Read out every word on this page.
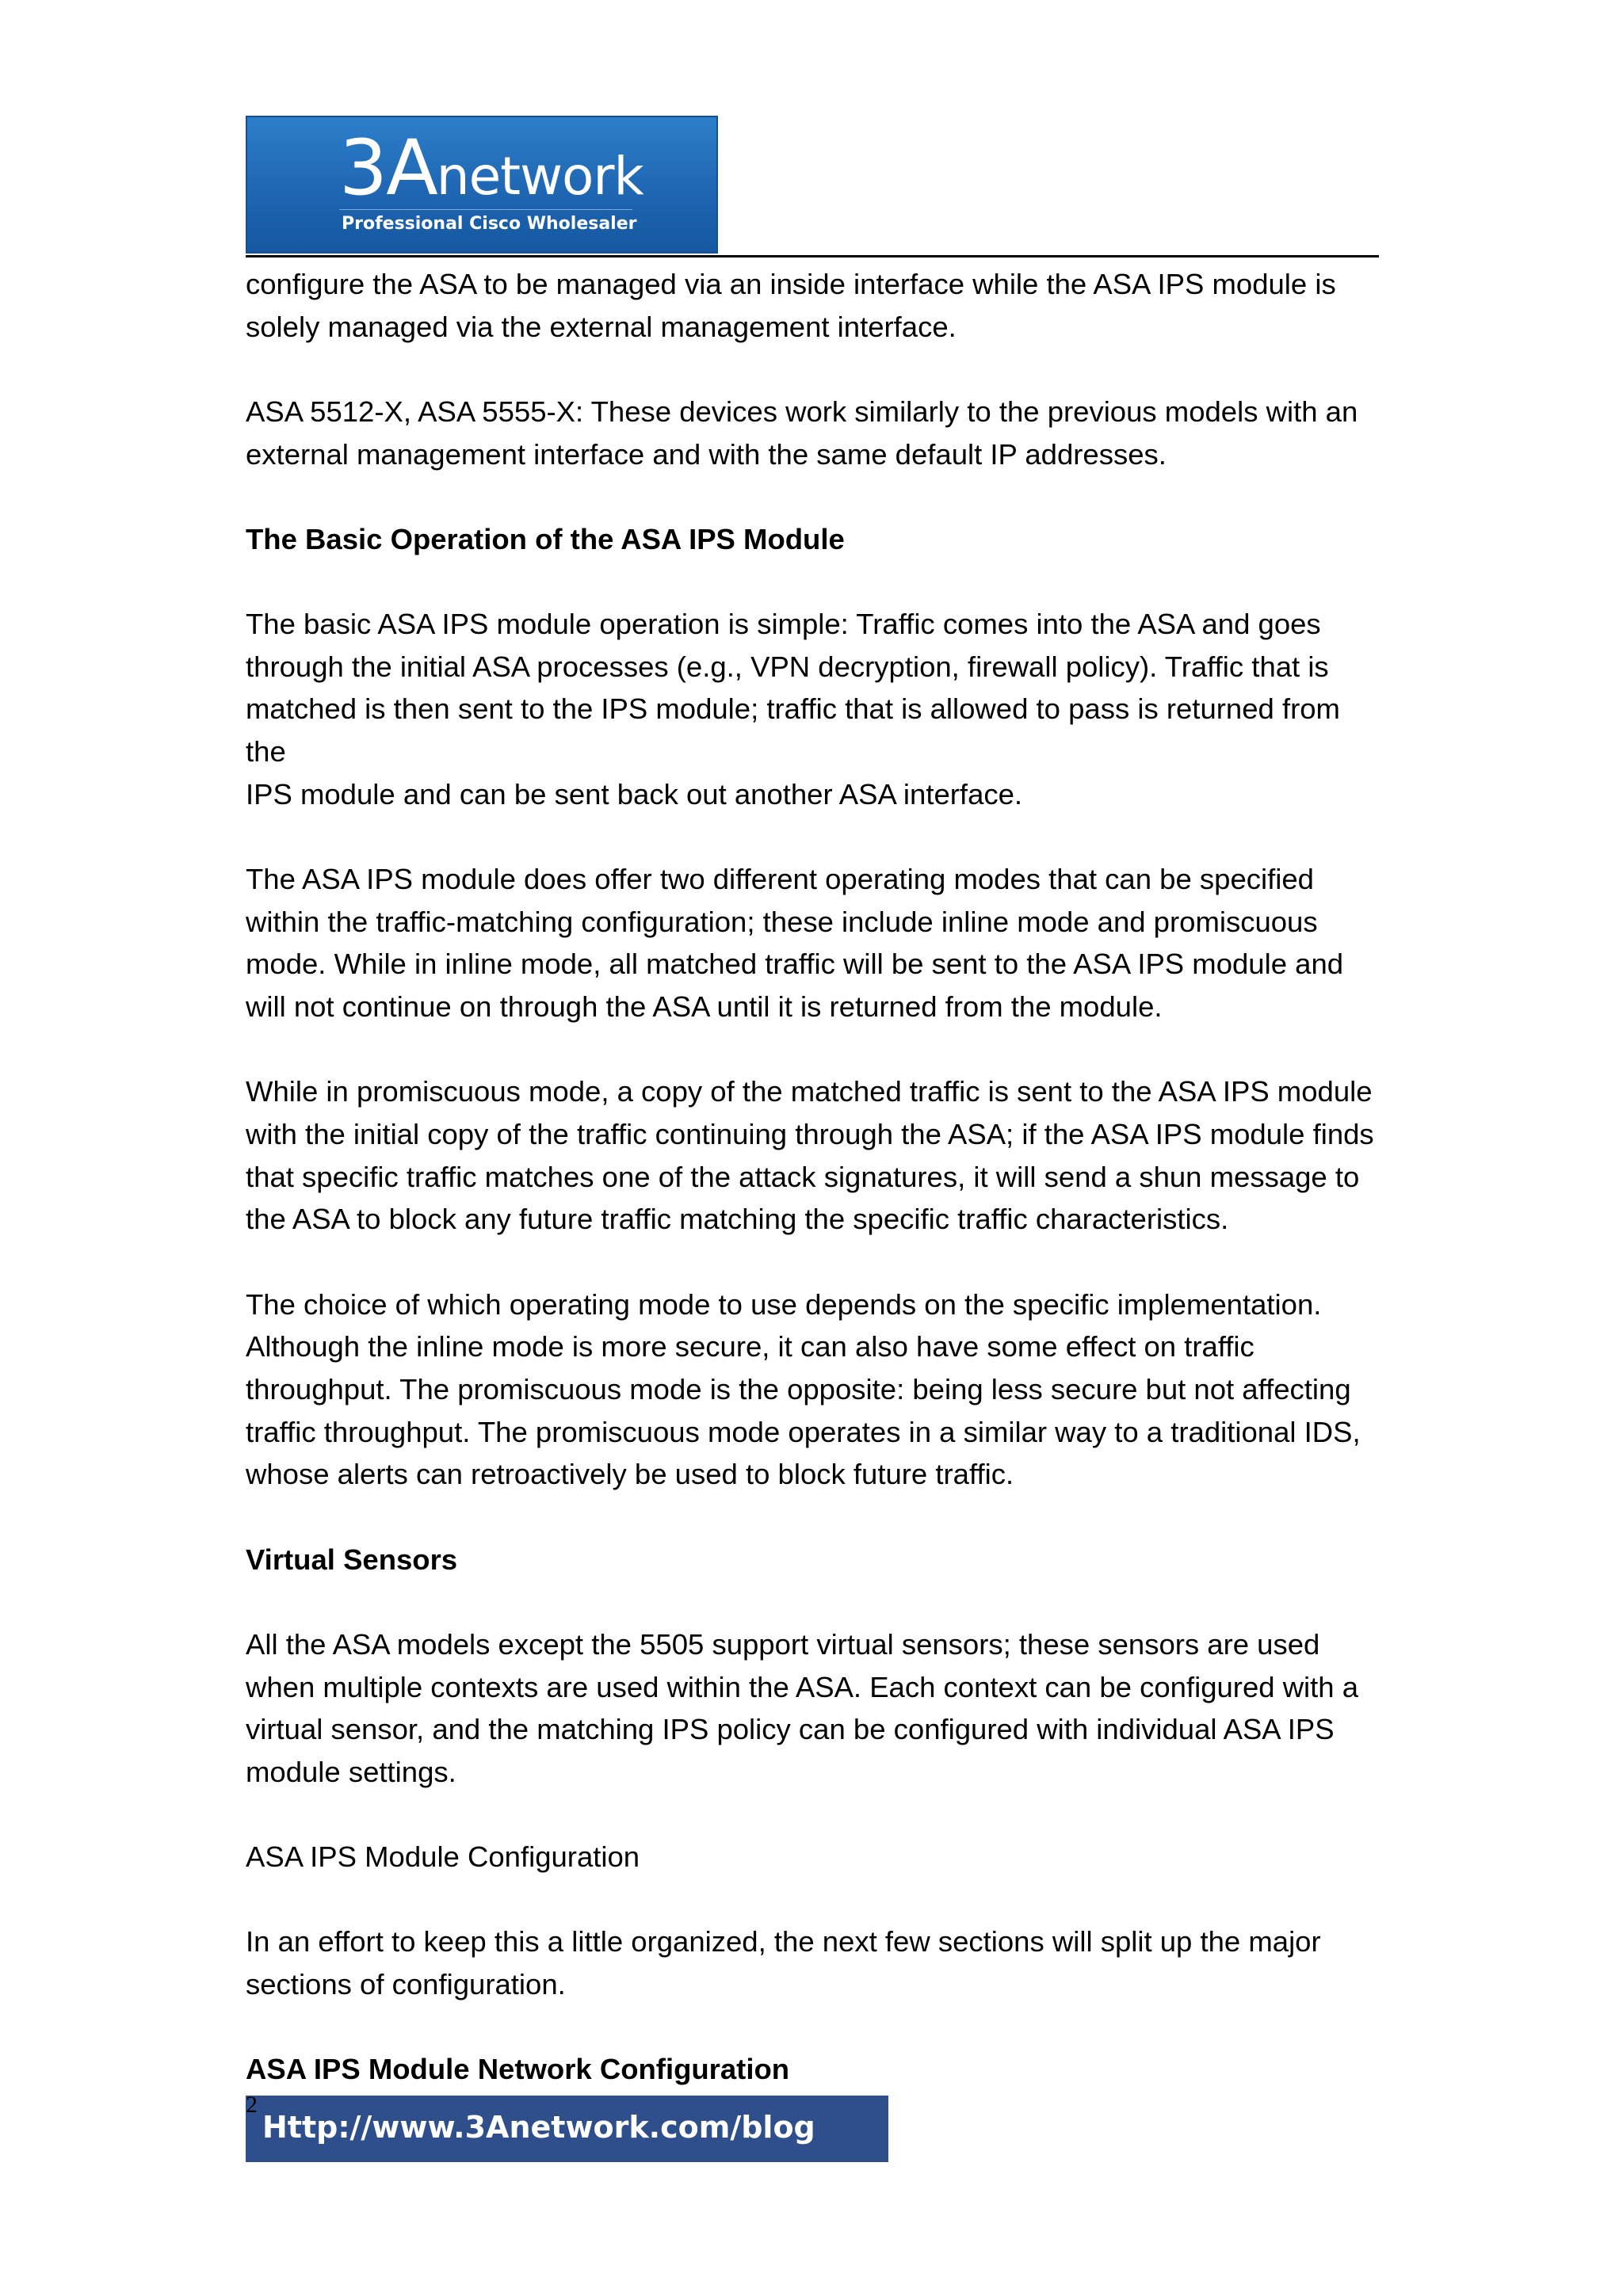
3Anetwork
Professional Cisco Wholesaler

configure the ASA to be managed via an inside interface while the ASA IPS module is
solely managed via the external management interface.

ASA 5512-X, ASA 5555-X: These devices work similarly to the previous models with an
external management interface and with the same default IP addresses.

The Basic Operation of the ASA IPS Module

The basic ASA IPS module operation is simple: Traffic comes into the ASA and goes
through the initial ASA processes (e.g., VPN decryption, firewall policy). Traffic that is
matched is then sent to the IPS module; traffic that is allowed to pass is returned from the
IPS module and can be sent back out another ASA interface.

The ASA IPS module does offer two different operating modes that can be specified
within the traffic-matching configuration; these include inline mode and promiscuous
mode. While in inline mode, all matched traffic will be sent to the ASA IPS module and
will not continue on through the ASA until it is returned from the module.

While in promiscuous mode, a copy of the matched traffic is sent to the ASA IPS module
with the initial copy of the traffic continuing through the ASA; if the ASA IPS module finds
that specific traffic matches one of the attack signatures, it will send a shun message to
the ASA to block any future traffic matching the specific traffic characteristics.

The choice of which operating mode to use depends on the specific implementation.
Although the inline mode is more secure, it can also have some effect on traffic
throughput. The promiscuous mode is the opposite: being less secure but not affecting
traffic throughput. The promiscuous mode operates in a similar way to a traditional IDS,
whose alerts can retroactively be used to block future traffic.

Virtual Sensors

All the ASA models except the 5505 support virtual sensors; these sensors are used
when multiple contexts are used within the ASA. Each context can be configured with a
virtual sensor, and the matching IPS policy can be configured with individual ASA IPS
module settings.

ASA IPS Module Configuration

In an effort to keep this a little organized, the next few sections will split up the major
sections of configuration.

ASA IPS Module Network Configuration

Http://www.3Anetwork.com/blog
2
